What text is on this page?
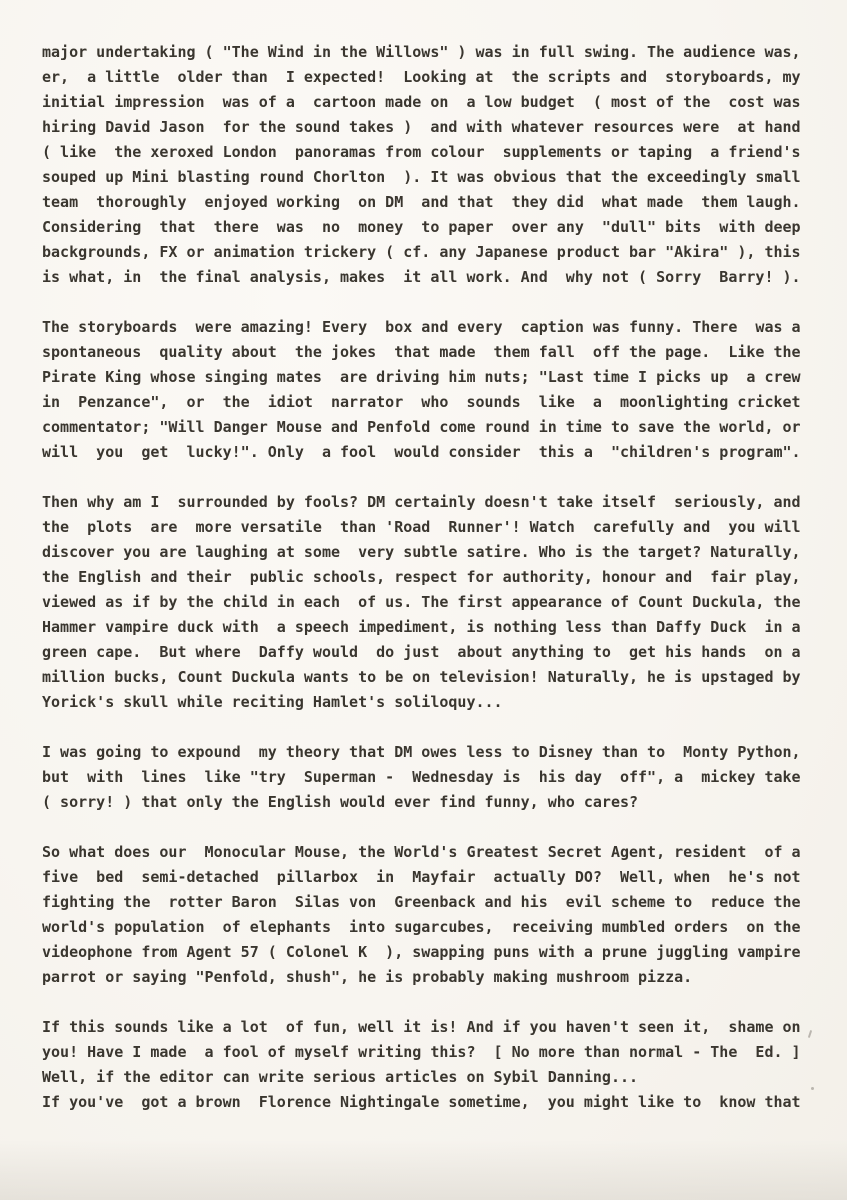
major undertaking ( "The Wind in the Willows" ) was in full swing. The audience was,
er,  a little  older than  I expected!  Looking at  the scripts and  storyboards, my
initial impression  was of a  cartoon made on  a low budget  ( most of the  cost was
hiring David Jason  for the sound takes )  and with whatever resources were  at hand
( like  the xeroxed London  panoramas from colour  supplements or taping  a friend's
souped up Mini blasting round Chorlton  ). It was obvious that the exceedingly small
team  thoroughly  enjoyed working  on DM  and that  they did  what made  them laugh.
Considering  that  there  was  no  money  to paper  over any  "dull" bits  with deep
backgrounds, FX or animation trickery ( cf. any Japanese product bar "Akira" ), this
is what, in  the final analysis, makes  it all work. And  why not ( Sorry  Barry! ).
The storyboards  were amazing! Every  box and every  caption was funny. There  was a
spontaneous  quality about  the jokes  that made  them fall  off the page.  Like the
Pirate King whose singing mates  are driving him nuts; "Last time I picks up  a crew
in  Penzance",  or  the  idiot  narrator  who  sounds  like  a  moonlighting cricket
commentator; "Will Danger Mouse and Penfold come round in time to save the world, or
will  you  get  lucky!". Only  a fool  would consider  this a  "children's program".
Then why am I  surrounded by fools? DM certainly doesn't take itself  seriously, and
the  plots  are  more versatile  than 'Road  Runner'! Watch  carefully and  you will
discover you are laughing at some  very subtle satire. Who is the target? Naturally,
the English and their  public schools, respect for authority, honour and  fair play,
viewed as if by the child in each  of us. The first appearance of Count Duckula, the
Hammer vampire duck with  a speech impediment, is nothing less than Daffy Duck  in a
green cape.  But where  Daffy would  do just  about anything to  get his hands  on a
million bucks, Count Duckula wants to be on television! Naturally, he is upstaged by
Yorick's skull while reciting Hamlet's soliloquy...
I was going to expound  my theory that DM owes less to Disney than to  Monty Python,
but  with  lines  like "try  Superman -  Wednesday is  his day  off", a  mickey take
( sorry! ) that only the English would ever find funny, who cares?
So what does our  Monocular Mouse, the World's Greatest Secret Agent, resident  of a
five  bed  semi-detached  pillarbox  in  Mayfair  actually DO?  Well, when  he's not
fighting the  rotter Baron  Silas von  Greenback and his  evil scheme to  reduce the
world's population  of elephants  into sugarcubes,  receiving mumbled orders  on the
videophone from Agent 57 ( Colonel K  ), swapping puns with a prune juggling vampire
parrot or saying "Penfold, shush", he is probably making mushroom pizza.
If this sounds like a lot  of fun, well it is! And if you haven't seen it,  shame on
you! Have I made  a fool of myself writing this?  [ No more than normal - The  Ed. ]
Well, if the editor can write serious articles on Sybil Danning...
If you've  got a brown  Florence Nightingale sometime,  you might like to  know that
